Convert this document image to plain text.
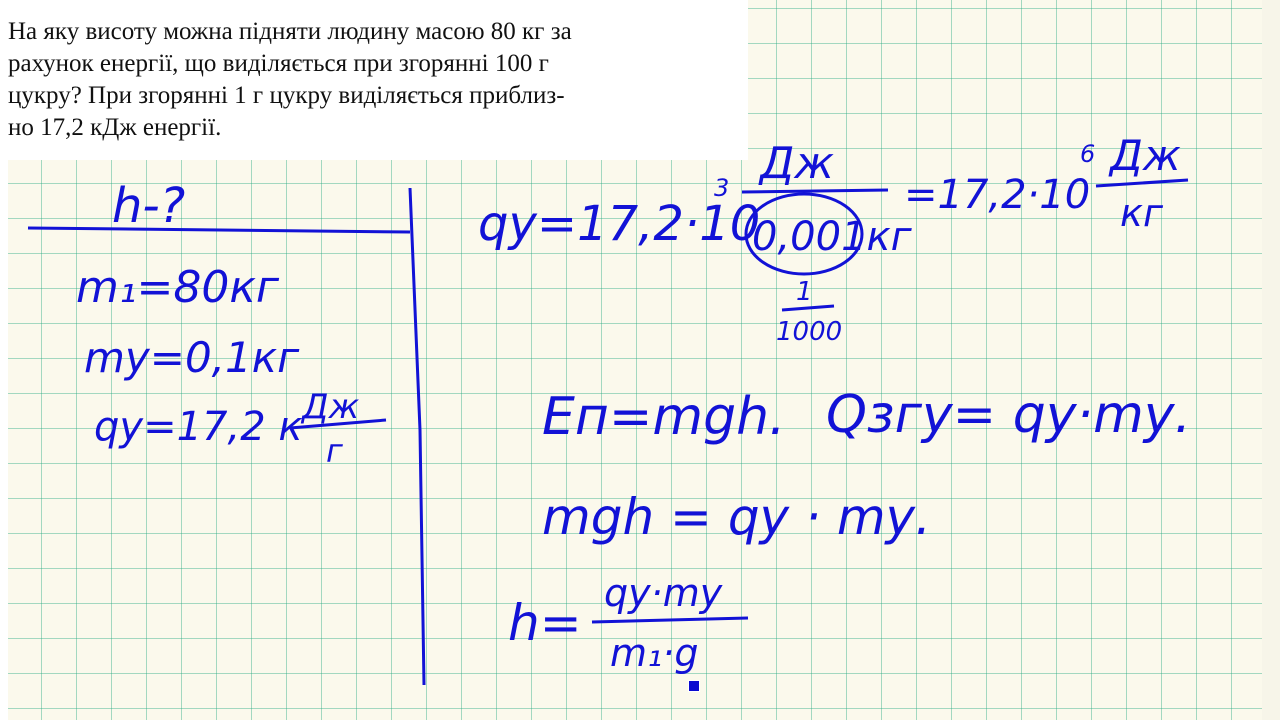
На яку висоту можна підняти людину масою 80 кг за
рахунок енергії, що виділяється при згорянні 100 г
цукру? При згорянні 1 г цукру виділяється приблиз-
но 17,2 кДж енергії.

h-?
m₁=80кг
mу=0,1кг
qу=17,2 к Дж
г
qу=17,2·10
3 Дж
0,001кг
=17,2·10
6 Дж
кг
1
1000
Eп=mgh. Qзгу= qу·mу.
mgh = qу · mу.
h=
qу·mу
m₁·g
